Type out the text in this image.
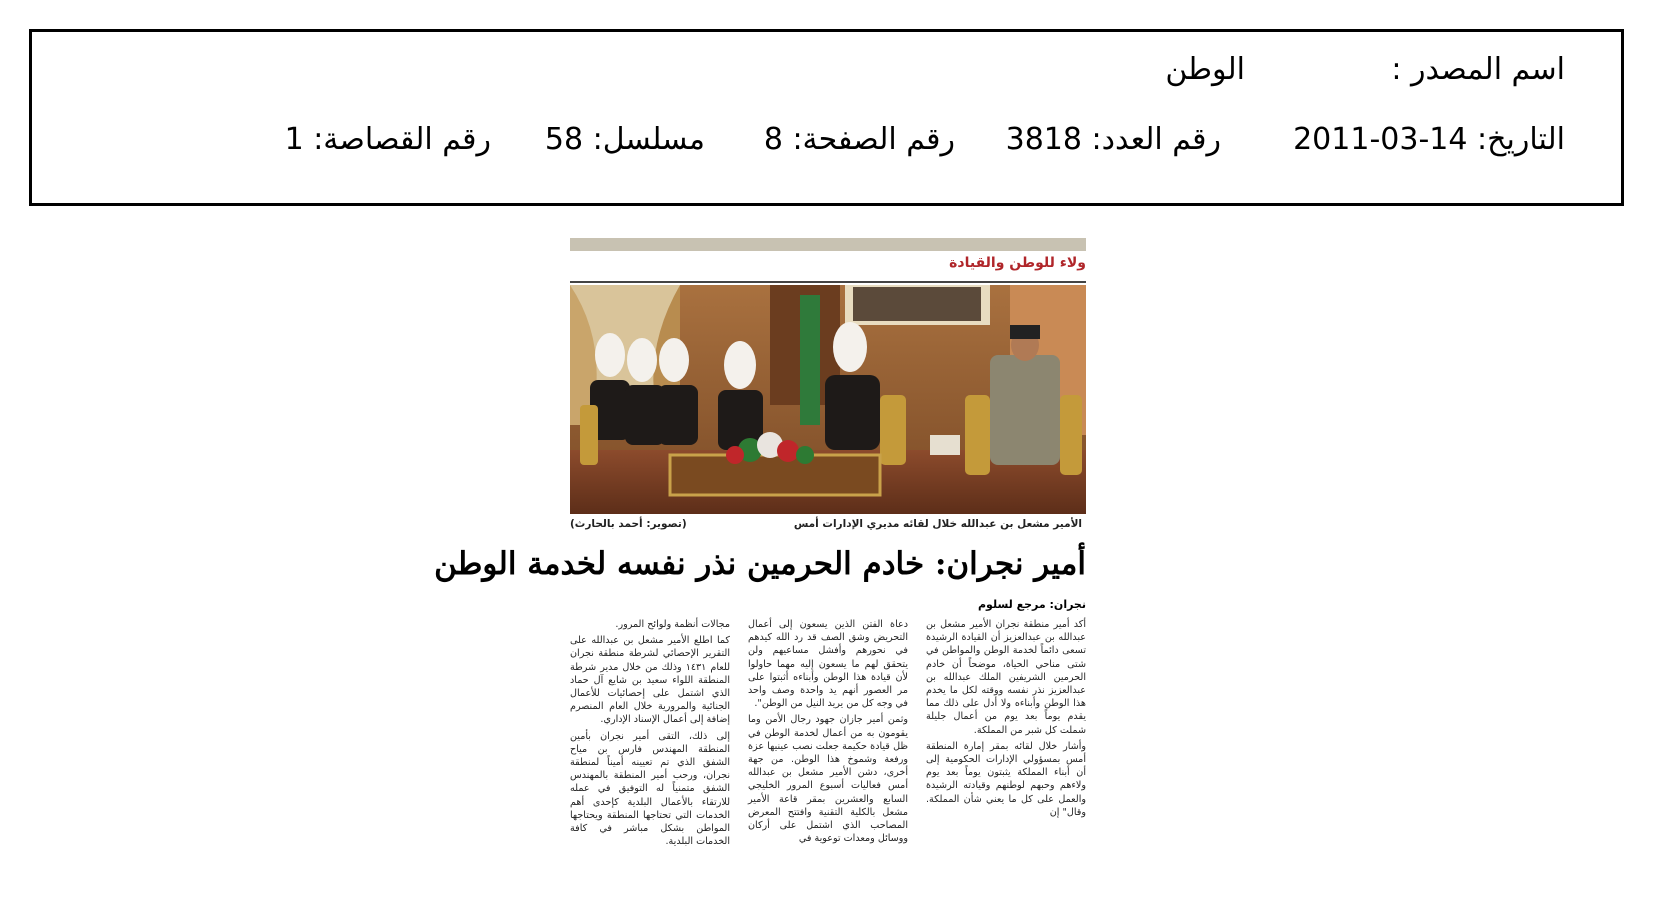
اسم المصدر :
الوطن
التاريخ: 14-03-2011
رقم العدد: 3818
رقم الصفحة: 8
مسلسل: 58
رقم القصاصة: 1
ولاء للوطن والقيادة
(تصوير: أحمد بالحارث)	الأمير مشعل بن عبدالله خلال لقائه مديري الإدارات أمس
أمير نجران: خادم الحرمين نذر نفسه لخدمة الوطن
نجران: مرجع لسلوم

أكد أمير منطقة نجران الأمير مشعل بن عبدالله بن عبدالعزيز أن القيادة الرشيدة تسعى دائماً لخدمة الوطن والمواطن في شتى مناحي الحياة، موضحاً أن خادم الحرمين الشريفين الملك عبدالله بن عبدالعزيز نذر نفسه ووقته لكل ما يخدم هذا الوطن وأبناءه ولا أدل على ذلك مما يقدم يوماً بعد يوم من أعمال جليلة شملت كل شبر من المملكة.

وأشار خلال لقائه بمقر إمارة المنطقة أمس بمسؤولي الإدارات الحكومية إلى أن أبناء المملكة يثبتون يوماً بعد يوم ولاءهم وحبهم لوطنهم وقيادته الرشيدة والعمل على كل ما يعني شأن المملكة. وقال" إن

دعاة الفتن الذين يسعون إلى أعمال التحريض وشق الصف قد رد الله كيدهم في نحورهم وأفشل مساعيهم ولن يتحقق لهم ما يسعون إليه مهما حاولوا لأن قيادة هذا الوطن وأبناءه أثبتوا على مر العصور أنهم يد واحدة وصف واحد في وجه كل من يريد النيل من الوطن".

وثمن أمير جازان جهود رجال الأمن وما يقومون به من أعمال لخدمة الوطن في ظل قيادة حكيمة جعلت نصب عينيها عزة ورفعة وشموخ هذا الوطن. من جهة أخرى، دشن الأمير مشعل بن عبدالله أمس فعاليات أسبوع المرور الخليجي السابع والعشرين بمقر قاعة الأمير مشعل بالكلية التقنية وافتتح المعرض المصاحب الذي اشتمل على أركان ووسائل ومعدات توعوية في

مجالات أنظمة ولوائح المرور.

كما اطلع الأمير مشعل بن عبدالله على التقرير الإحصائي لشرطة منطقة نجران للعام ١٤٣١ وذلك من خلال مدير شرطة المنطقة اللواء سعيد بن شايع آل حماد الذي اشتمل على إحصائيات للأعمال الجنائية والمرورية خلال العام المنصرم إضافة إلى أعمال الإسناد الإداري.

إلى ذلك، التقى أمير نجران بأمين المنطقة المهندس فارس بن مياح الشفق الذي تم تعيينه أميناً لمنطقة نجران، ورحب أمير المنطقة بالمهندس الشفق متمنياً له التوفيق في عمله للارتقاء بالأعمال البلدية كإحدى أهم الخدمات التي تحتاجها المنطقة ويحتاجها المواطن بشكل مباشر في كافة الخدمات البلدية.
